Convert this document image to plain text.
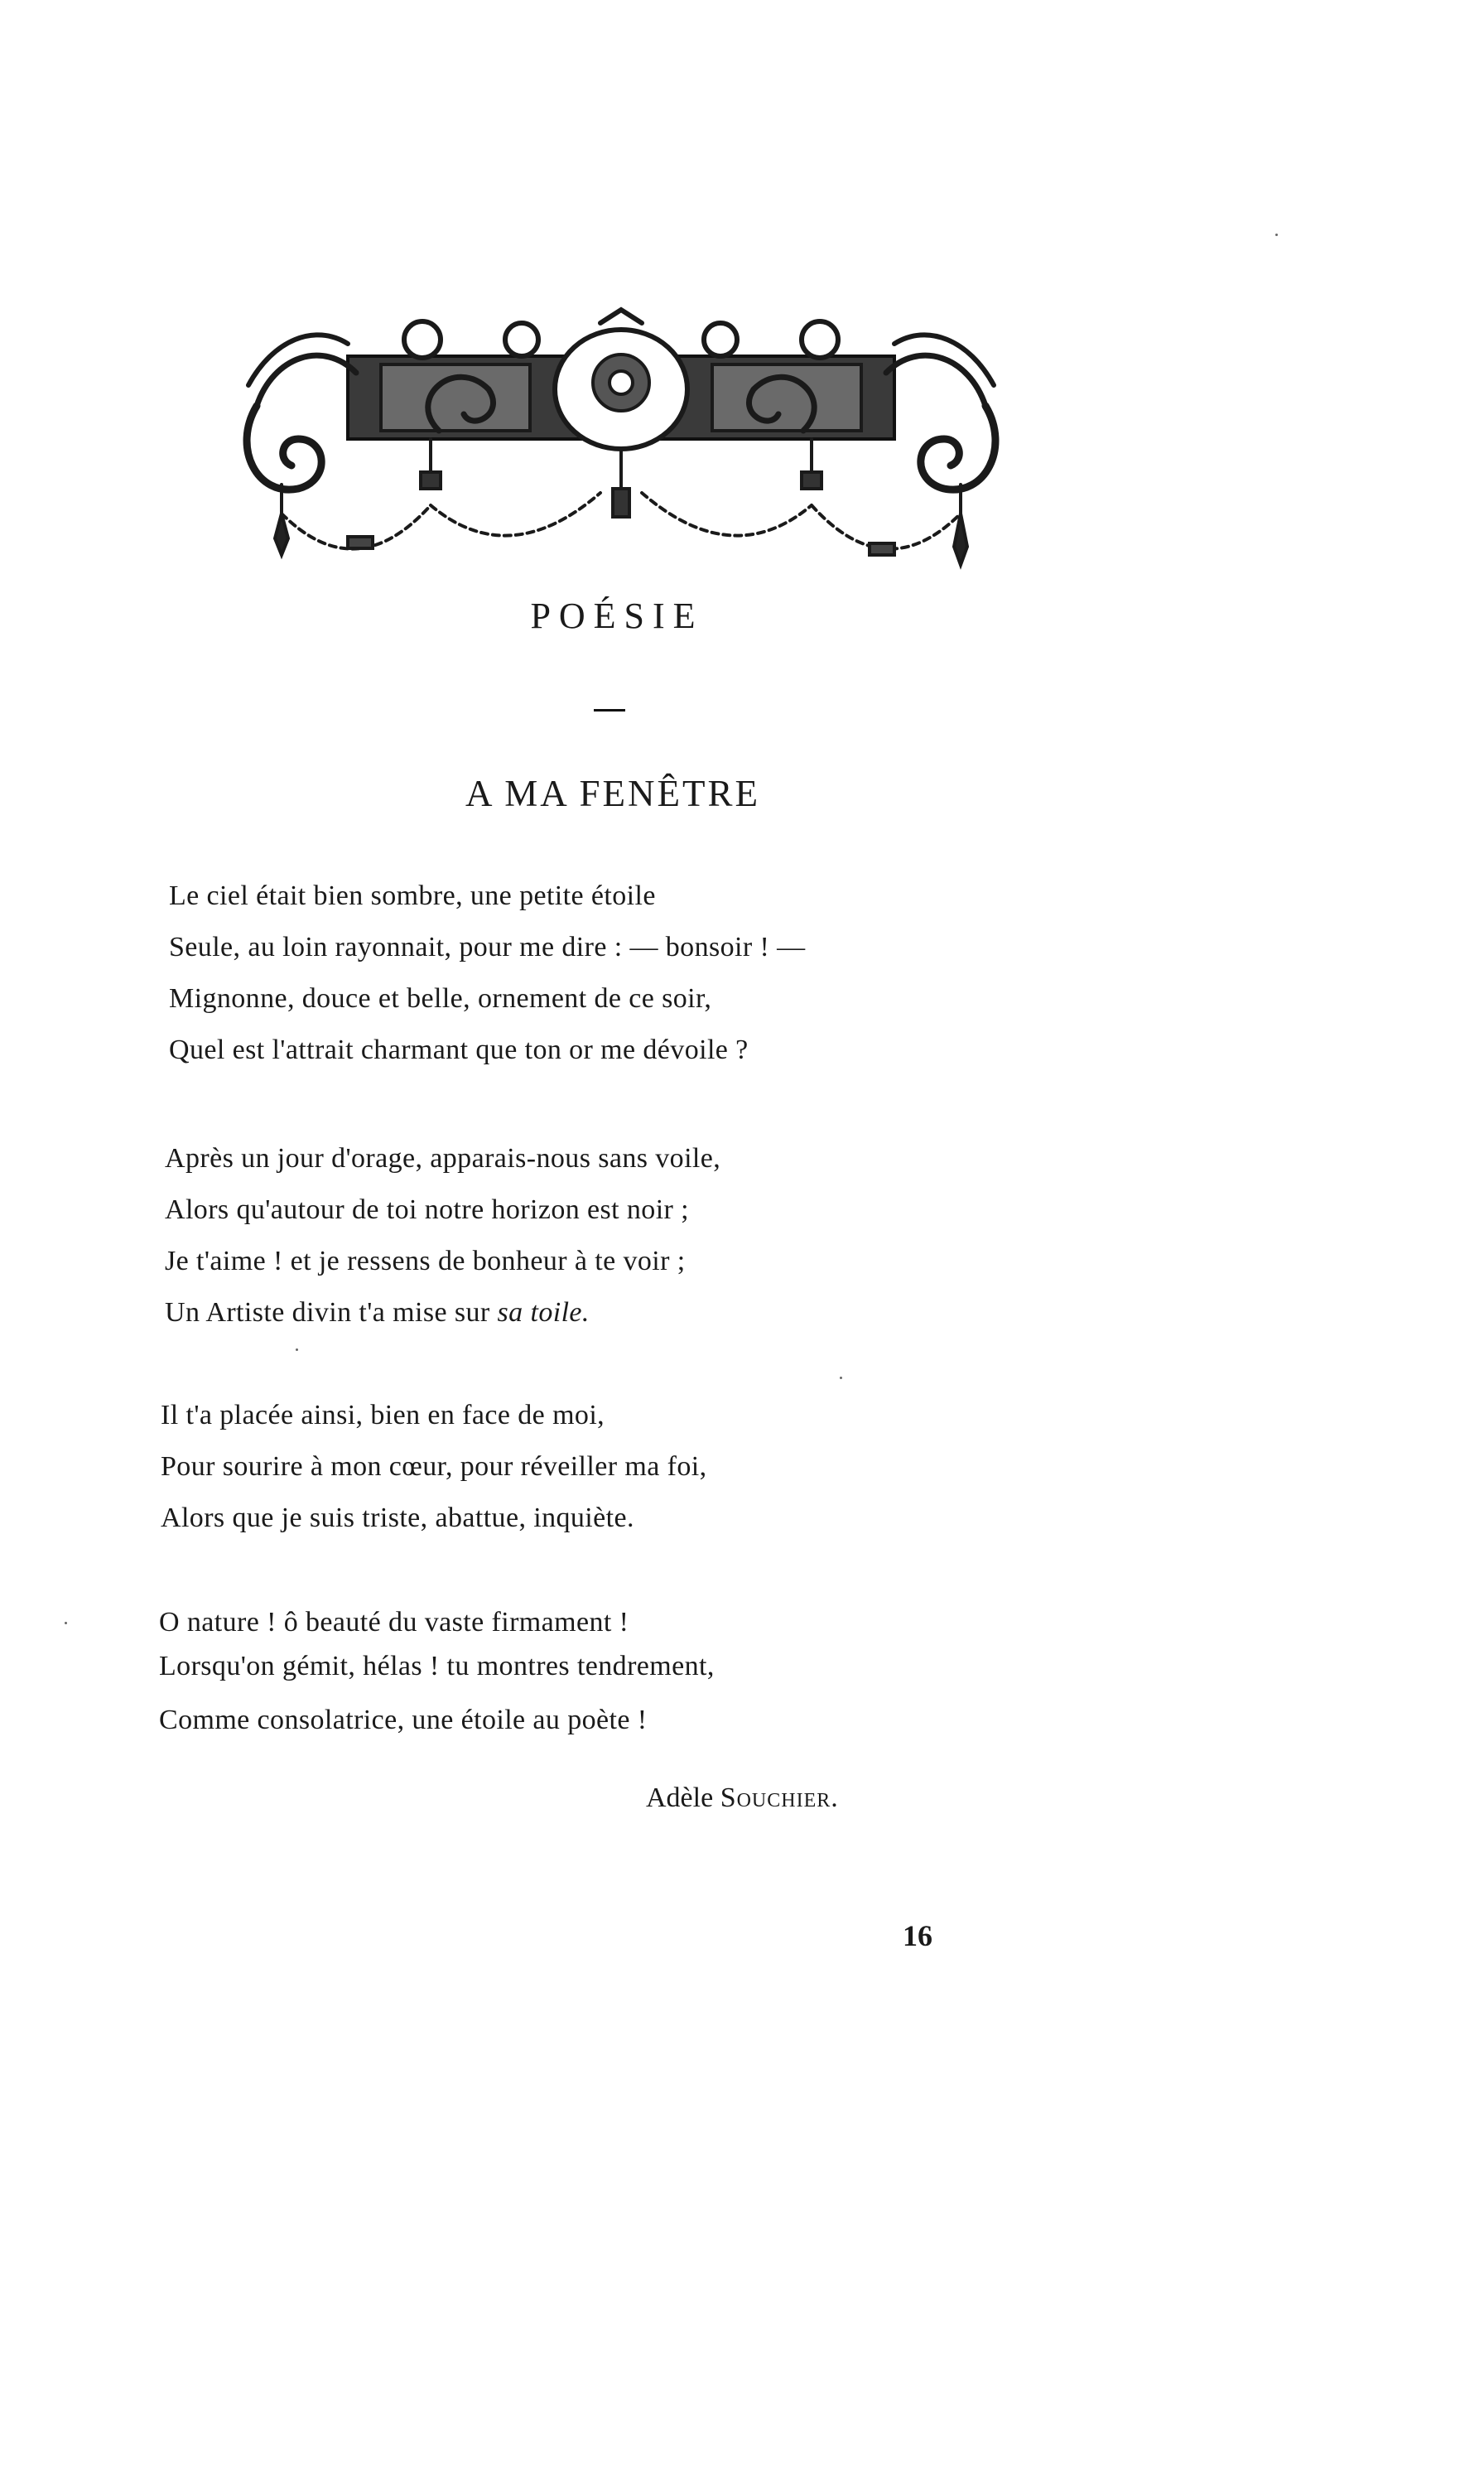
POÉSIE
A MA FENÊTRE
Le ciel était bien sombre, une petite étoile
Seule, au loin rayonnait, pour me dire : — bonsoir ! —
Mignonne, douce et belle, ornement de ce soir,
Quel est l'attrait charmant que ton or me dévoile ?
Après un jour d'orage, apparais-nous sans voile,
Alors qu'autour de toi notre horizon est noir ;
Je t'aime ! et je ressens de bonheur à te voir ;
Un Artiste divin t'a mise sur sa toile.
Il t'a placée ainsi, bien en face de moi,
Pour sourire à mon cœur, pour réveiller ma foi,
Alors que je suis triste, abattue, inquiète.
O nature ! ô beauté du vaste firmament !
Lorsqu'on gémit, hélas ! tu montres tendrement,
Comme consolatrice, une étoile au poète !
Adèle Souchier.
16
